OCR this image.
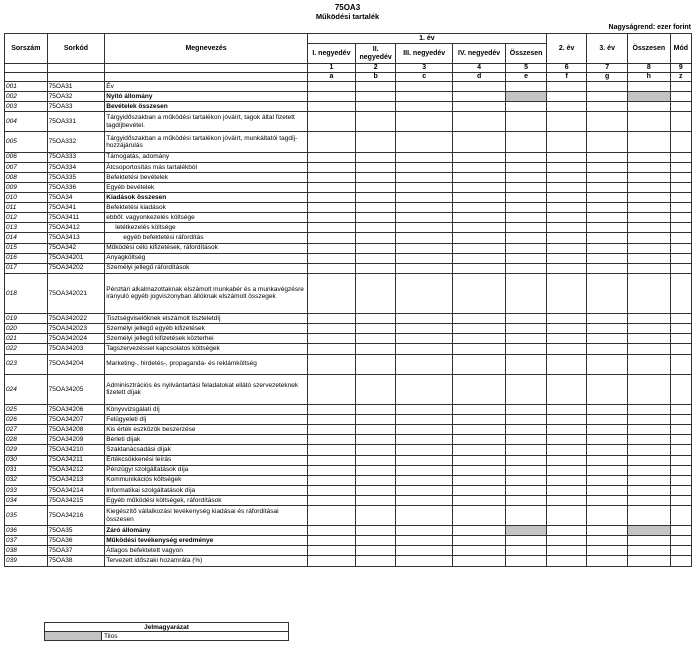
75OA3
Működési tartalék
Nagyságrend: ezer forint
Sorszám	Sorkód	Megnevezés	1. év					2. év	3. év	Összesen	Mód
			I. negyedév	II. negyedév	III. negyedév	IV. negyedév	Összesen				
			1	2	3	4	5	6	7	8	9
			a	b	c	d	e	f	g	h	z
001	75OA31	Év									
002	75OA32	Nyitó állomány									
003	75OA33	Bevételek összesen									
004	75OA331	Tárgyidőszakban a működési tartalékon jóváírt, tagok által fizetett tagdíjbevétel.									
005	75OA332	Tárgyidőszakban a működési tartalékon jóváírt, munkáltatói tagdíj-hozzájárulás									
006	75OA333	Támogatás, adomány									
007	75OA334	Átcsoportosítás más tartalékból									
008	75OA335	Befektetési bevételek									
009	75OA336	Egyéb bevételek									
010	75OA34	Kiadások összesen									
011	75OA341	Befektetési kiadások									
012	75OA3411	ebből: vagyonkezelés költsége									
013	75OA3412	letétkezelés költsége									
014	75OA3413	egyéb befektetési ráfordítás									
015	75OA342	Működési célú kifizetések, ráfordítások									
016	75OA34201	Anyagköltség									
017	75OA34202	Személyi jellegű ráfordítások									
018	75OA342021	Pénztári alkalmazottaknak elszámolt munkabér és a munkavégzésre irányuló egyéb jogviszonyban állóknak elszámolt összegek									
019	75OA342022	Tisztségviselőknek elszámolt tiszteletdíj									
020	75OA342023	Személyi jellegű egyéb kifizetések									
021	75OA342024	Személyi jellegű kifizetések közterhei									
022	75OA34203	Tagszervezéssel kapcsolatos költségek									
023	75OA34204	Marketing-, hirdetés-, propaganda- és reklámköltség									
024	75OA34205	Adminisztrációs és nyilvántartási feladatokat ellátó szervezeteknek fizetett díjak									
025	75OA34206	Könyvvizsgálati díj									
026	75OA34207	Felügyeleti díj									
027	75OA34208	Kis érték eszközök beszerzése									
028	75OA34209	Bérleti díjak									
029	75OA34210	Szaktanácsadási díjak									
030	75OA34211	Értékcsökkenési leírás									
031	75OA34212	Pénzügyi szolgáltatások díja									
032	75OA34213	Kommunikációs költségek									
033	75OA34214	Informatikai szolgáltatások díja									
034	75OA34215	Egyéb működési költségek, ráfordítások									
035	75OA34216	Kiegészítő vállalkozási tevékenység kiadásai és ráfordításai összesen									
036	75OA35	Záró állomány									
037	75OA36	Működési tevékenység eredménye									
038	75OA37	Átlagos befektetett vagyon									
039	75OA38	Tervezett időszaki hozamráta (%)									
Jelmagyarázat
	Tilos
